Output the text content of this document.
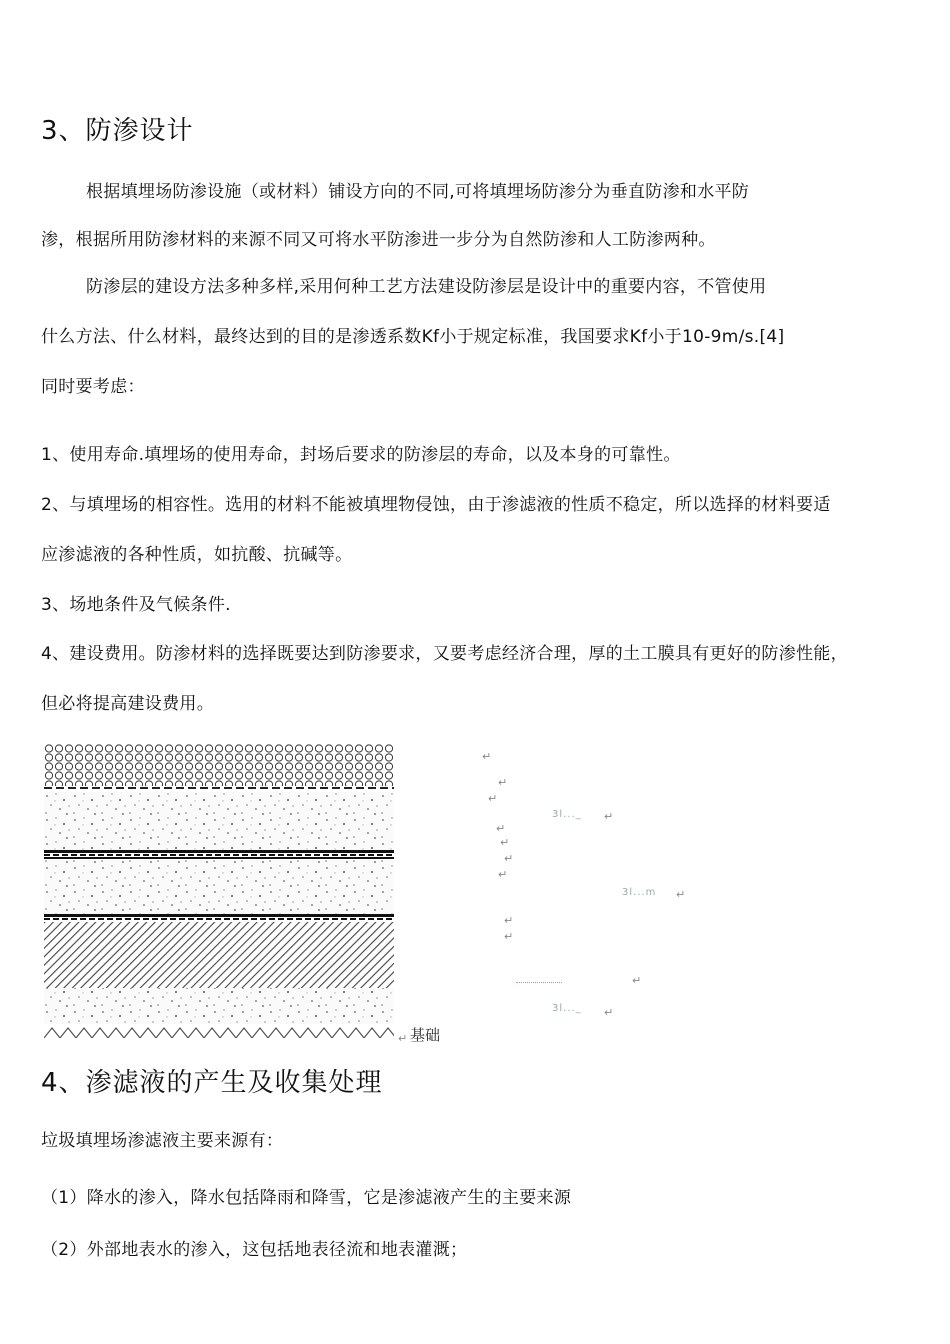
3、防渗设计
根据填埋场防渗设施（或材料）铺设方向的不同,可将填埋场防渗分为垂直防渗和水平防
渗，根据所用防渗材料的来源不同又可将水平防渗进一步分为自然防渗和人工防渗两种。
防渗层的建设方法多种多样,采用何种工艺方法建设防渗层是设计中的重要内容，不管使用
什么方法、什么材料，最终达到的目的是渗透系数Kf小于规定标准，我国要求Kf小于10-9m/s.[4]
同时要考虑：
1、使用寿命.填埋场的使用寿命，封场后要求的防渗层的寿命，以及本身的可靠性。
2、与填埋场的相容性。选用的材料不能被填埋物侵蚀，由于渗滤液的性质不稳定，所以选择的材料要适
应渗滤液的各种性质，如抗酸、抗碱等。
3、场地条件及气候条件.
4、建设费用。防渗材料的选择既要达到防渗要求，又要考虑经济合理，厚的土工膜具有更好的防渗性能，
但必将提高建设费用。
↵
↵
↵
↵
↵
↵
↵
↵
↵
↵
↵
↵
↵
↵
3l..._
3l...m
3l..._
基础
4、渗滤液的产生及收集处理
垃圾填埋场渗滤液主要来源有：
（1）降水的渗入，降水包括降雨和降雪，它是渗滤液产生的主要来源
（2）外部地表水的渗入，这包括地表径流和地表灌溉；
